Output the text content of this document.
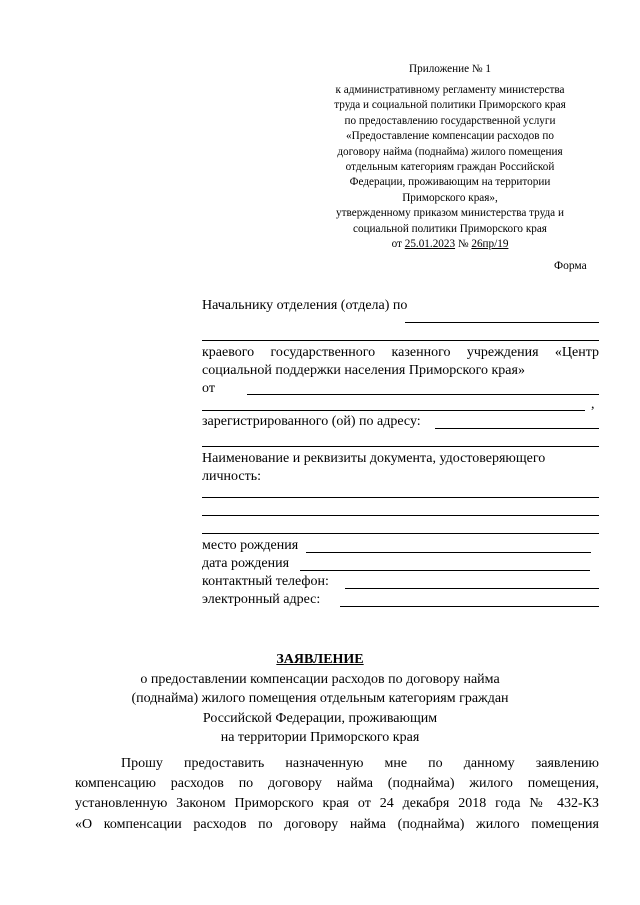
Приложение № 1
к административному регламенту министерства
труда и социальной политики Приморского края
по предоставлению государственной услуги
«Предоставление компенсации расходов по
договору найма (поднайма) жилого помещения
отдельным категориям граждан Российской
Федерации, проживающим на территории
Приморского края»,
утвержденному приказом министерства труда и
социальной политики Приморского края
от 25.01.2023 № 26пр/19
Форма
Начальнику отделения (отдела) по
краевого государственного казенного учреждения «Центр
социальной поддержки населения Приморского края»
от
,
зарегистрированного (ой) по адресу:
Наименование и реквизиты документа, удостоверяющего
личность:
место рождения
дата рождения
контактный телефон:
электронный адрес:
ЗАЯВЛЕНИЕ
о предоставлении компенсации расходов по договору найма
(поднайма) жилого помещения отдельным категориям граждан
Российской Федерации, проживающим
на территории Приморского края
Прошу предоставить назначенную мне по данному заявлению
компенсацию расходов по договору найма (поднайма) жилого помещения,
установленную Законом Приморского края от 24 декабря 2018 года № 432-КЗ
«О компенсации расходов по договору найма (поднайма) жилого помещения
